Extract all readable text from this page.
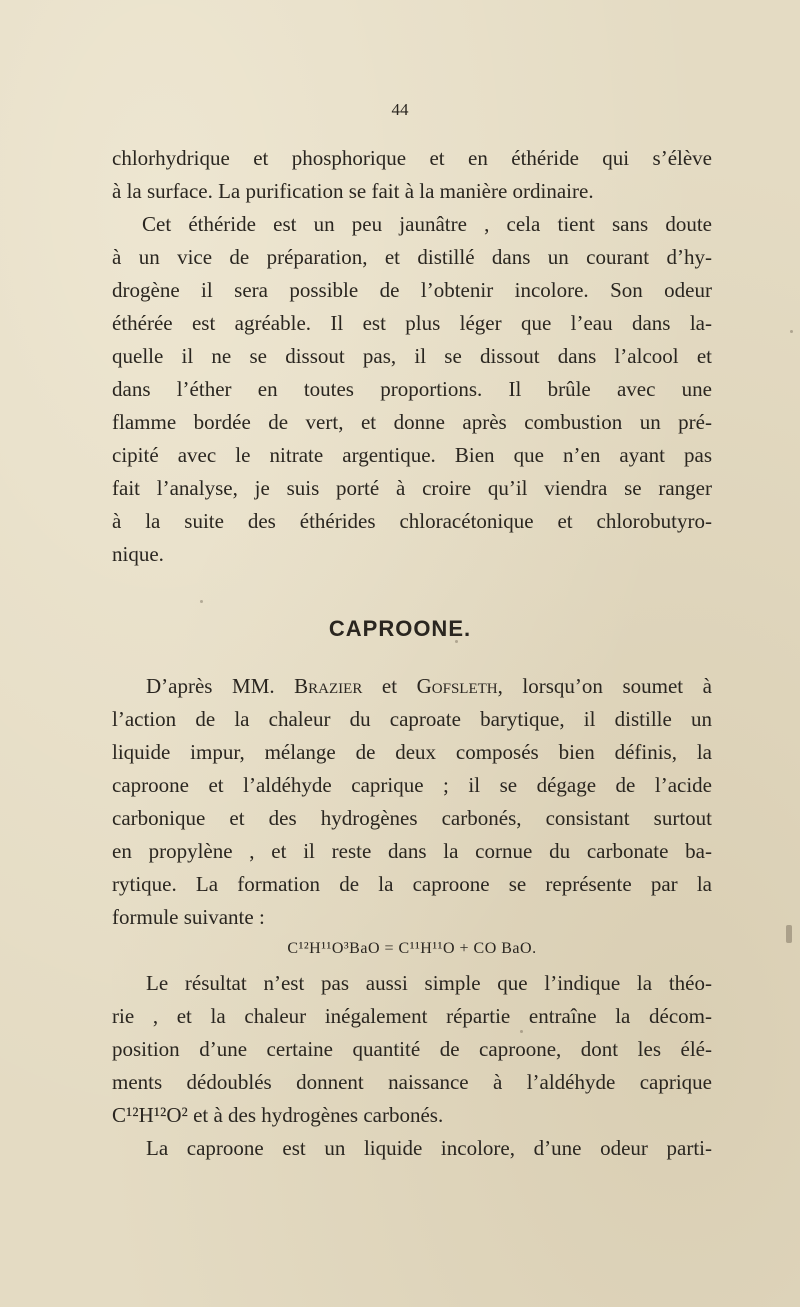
44
chlorhydrique et phosphorique et en éthéride qui s’élève
à la surface. La purification se fait à la manière ordinaire.
Cet éthéride est un peu jaunâtre , cela tient sans doute
à un vice de préparation, et distillé dans un courant d’hy-
drogène il sera possible de l’obtenir incolore. Son odeur
éthérée est agréable. Il est plus léger que l’eau dans la-
quelle il ne se dissout pas, il se dissout dans l’alcool et
dans l’éther en toutes proportions. Il brûle avec une
flamme bordée de vert, et donne après combustion un pré-
cipité avec le nitrate argentique. Bien que n’en ayant pas
fait l’analyse, je suis porté à croire qu’il viendra se ranger
à la suite des éthérides chloracétonique et chlorobutyro-
nique.
CAPROONE.
D’après MM. Brazier et Gofsleth, lorsqu’on soumet à
l’action de la chaleur du caproate barytique, il distille un
liquide impur, mélange de deux composés bien définis, la
caproone et l’aldéhyde caprique ; il se dégage de l’acide
carbonique et des hydrogènes carbonés, consistant surtout
en propylène , et il reste dans la cornue du carbonate ba-
rytique. La formation de la caproone se représente par la
formule suivante :
C¹²H¹¹O³BaO = C¹¹H¹¹O + CO BaO.
Le résultat n’est pas aussi simple que l’indique la théo-
rie , et la chaleur inégalement répartie entraîne la décom-
position d’une certaine quantité de caproone, dont les élé-
ments dédoublés donnent naissance à l’aldéhyde caprique
C¹²H¹²O² et à des hydrogènes carbonés.
La caproone est un liquide incolore, d’une odeur parti-
